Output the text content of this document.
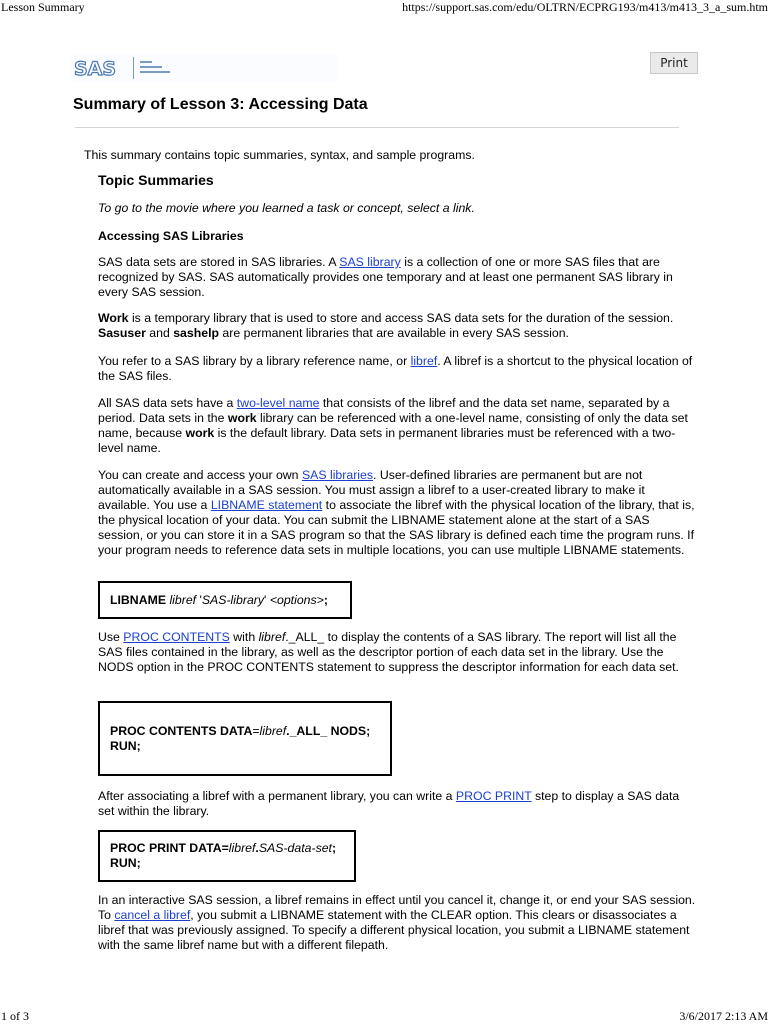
Lesson Summary	https://support.sas.com/edu/OLTRN/ECPRG193/m413/m413_3_a_sum.htm
SAS	Print
Summary of Lesson 3: Accessing Data
This summary contains topic summaries, syntax, and sample programs.
Topic Summaries
To go to the movie where you learned a task or concept, select a link.
Accessing SAS Libraries
SAS data sets are stored in SAS libraries. A SAS library is a collection of one or more SAS files that are recognized by SAS. SAS automatically provides one temporary and at least one permanent SAS library in every SAS session.
Work is a temporary library that is used to store and access SAS data sets for the duration of the session. Sasuser and sashelp are permanent libraries that are available in every SAS session.
You refer to a SAS library by a library reference name, or libref. A libref is a shortcut to the physical location of the SAS files.
All SAS data sets have a two-level name that consists of the libref and the data set name, separated by a period. Data sets in the work library can be referenced with a one-level name, consisting of only the data set name, because work is the default library. Data sets in permanent libraries must be referenced with a two-level name.
You can create and access your own SAS libraries. User-defined libraries are permanent but are not automatically available in a SAS session. You must assign a libref to a user-created library to make it available. You use a LIBNAME statement to associate the libref with the physical location of the library, that is, the physical location of your data. You can submit the LIBNAME statement alone at the start of a SAS session, or you can store it in a SAS program so that the SAS library is defined each time the program runs. If your program needs to reference data sets in multiple locations, you can use multiple LIBNAME statements.
LIBNAME libref 'SAS-library' <options>;
Use PROC CONTENTS with libref._ALL_ to display the contents of a SAS library. The report will list all the SAS files contained in the library, as well as the descriptor portion of each data set in the library. Use the NODS option in the PROC CONTENTS statement to suppress the descriptor information for each data set.
PROC CONTENTS DATA=libref._ALL_ NODS;
RUN;
After associating a libref with a permanent library, you can write a PROC PRINT step to display a SAS data set within the library.
PROC PRINT DATA=libref.SAS-data-set;
RUN;
In an interactive SAS session, a libref remains in effect until you cancel it, change it, or end your SAS session. To cancel a libref, you submit a LIBNAME statement with the CLEAR option. This clears or disassociates a libref that was previously assigned. To specify a different physical location, you submit a LIBNAME statement with the same libref name but with a different filepath.
1 of 3	3/6/2017 2:13 AM
